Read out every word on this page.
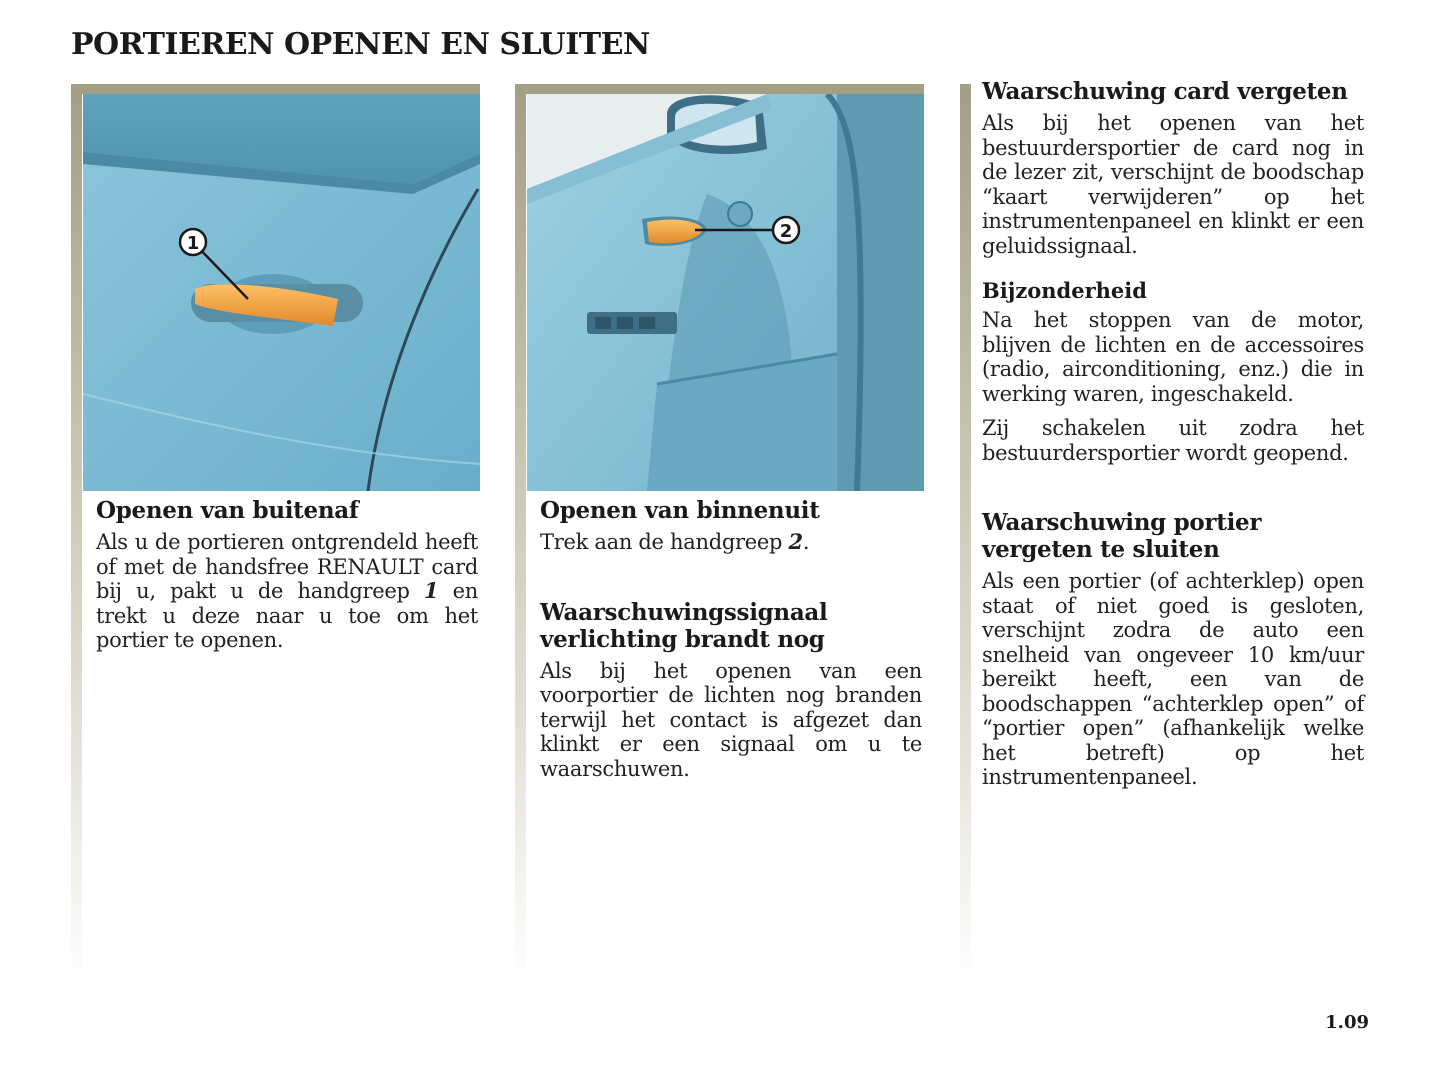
PORTIEREN OPENEN EN SLUITEN
1
Openen van buitenaf

Als u de portieren ontgrendeld heeft of met de handsfree RENAULT card bij u, pakt u de handgreep 1 en trekt u deze naar u toe om het portier te openen.

2
Openen van binnenuit

Trek aan de handgreep 2.

Waarschuwingssignaal verlichting brandt nog

Als bij het openen van een voorportier de lichten nog branden terwijl het contact is afgezet dan klinkt er een signaal om u te waarschuwen.

Waarschuwing card vergeten

Als bij het openen van het bestuurdersportier de card nog in de lezer zit, verschijnt de boodschap “kaart verwijderen” op het instrumentenpaneel en klinkt er een geluidssignaal.

Bijzonderheid

Na het stoppen van de motor, blijven de lichten en de accessoires (radio, airconditioning, enz.) die in werking waren, ingeschakeld.

Zij schakelen uit zodra het bestuurdersportier wordt geopend.

Waarschuwing portier vergeten te sluiten

Als een portier (of achterklep) open staat of niet goed is gesloten, verschijnt zodra de auto een snelheid van ongeveer 10 km/uur bereikt heeft, een van de boodschappen “achterklep open” of “portier open” (afhankelijk welke het betreft) op het instrumentenpaneel.

1.09
